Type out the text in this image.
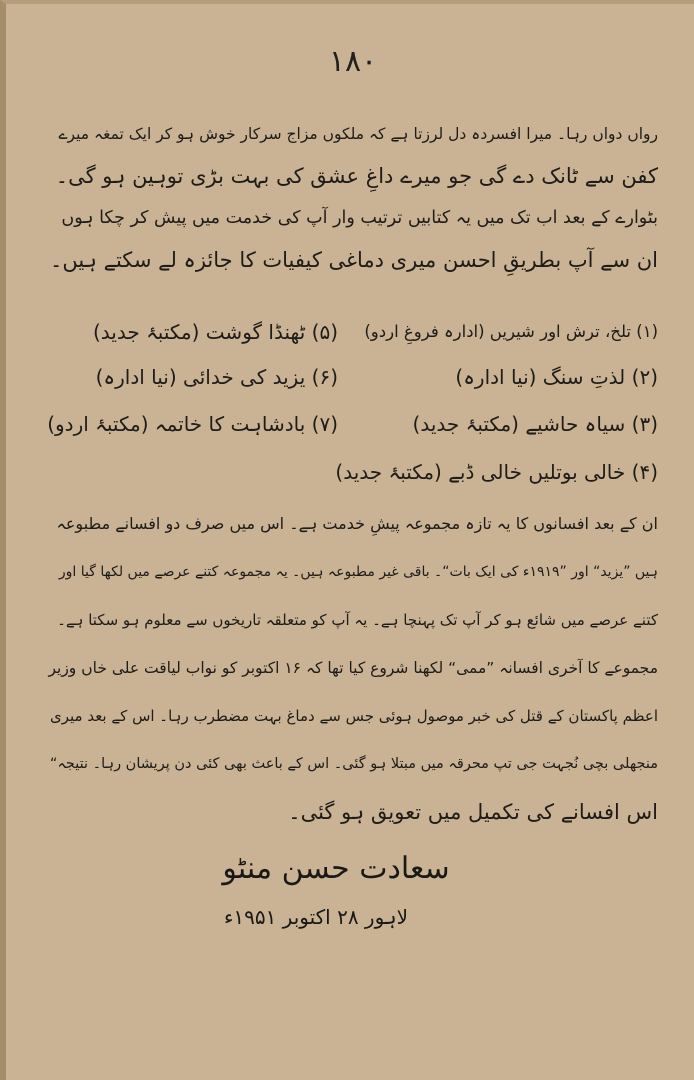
۱۸۰
رواں دواں رہا۔ میرا افسردہ دل لرزتا ہے کہ ملکوں مزاج سرکار خوش ہو کر ایک تمغہ میرے
کفن سے ٹانک دے گی جو میرے داغِ عشق کی بہت بڑی توہین ہو گی۔
بٹوارے کے بعد اب تک میں یہ کتابیں ترتیب وار آپ کی خدمت میں پیش کر چکا ہوں
ان سے آپ بطریقِ احسن میری دماغی کیفیات کا جائزہ لے سکتے ہیں۔
(۱) تلخ، ترش اور شیریں (ادارہ فروغِ اردو)
(۵) ٹھنڈا گوشت (مکتبۂ جدید)
(۲) لذتِ سنگ (نیا ادارہ)
(۶) یزید کی خدائی (نیا ادارہ)
(۳) سیاہ حاشیے (مکتبۂ جدید)
(۷) بادشاہت کا خاتمہ (مکتبۂ اردو)
(۴) خالی بوتلیں خالی ڈبے (مکتبۂ جدید)
ان کے بعد افسانوں کا یہ تازہ مجموعہ پیشِ خدمت ہے۔ اس میں صرف دو افسانے مطبوعہ
ہیں ”یزید“ اور ”۱۹۱۹ء کی ایک بات“۔ باقی غیر مطبوعہ ہیں۔ یہ مجموعہ کتنے عرصے میں لکھا گیا اور
کتنے عرصے میں شائع ہو کر آپ تک پہنچا ہے۔ یہ آپ کو متعلقہ تاریخوں سے معلوم ہو سکتا ہے۔
مجموعے کا آخری افسانہ ”ممی“ لکھنا شروع کیا تھا کہ ۱۶ اکتوبر کو نواب لیاقت علی خاں وزیر
اعظم پاکستان کے قتل کی خبر موصول ہوئی جس سے دماغ بہت مضطرب رہا۔ اس کے بعد میری
منجھلی بچی نُجہت جی تپ محرقہ میں مبتلا ہو گئی۔ اس کے باعث بھی کئی دن پریشان رہا۔ نتیجہ“
اس افسانے کی تکمیل میں تعویق ہو گئی۔
سعادت حسن منٹو
لاہور ۲۸ اکتوبر ۱۹۵۱ء
